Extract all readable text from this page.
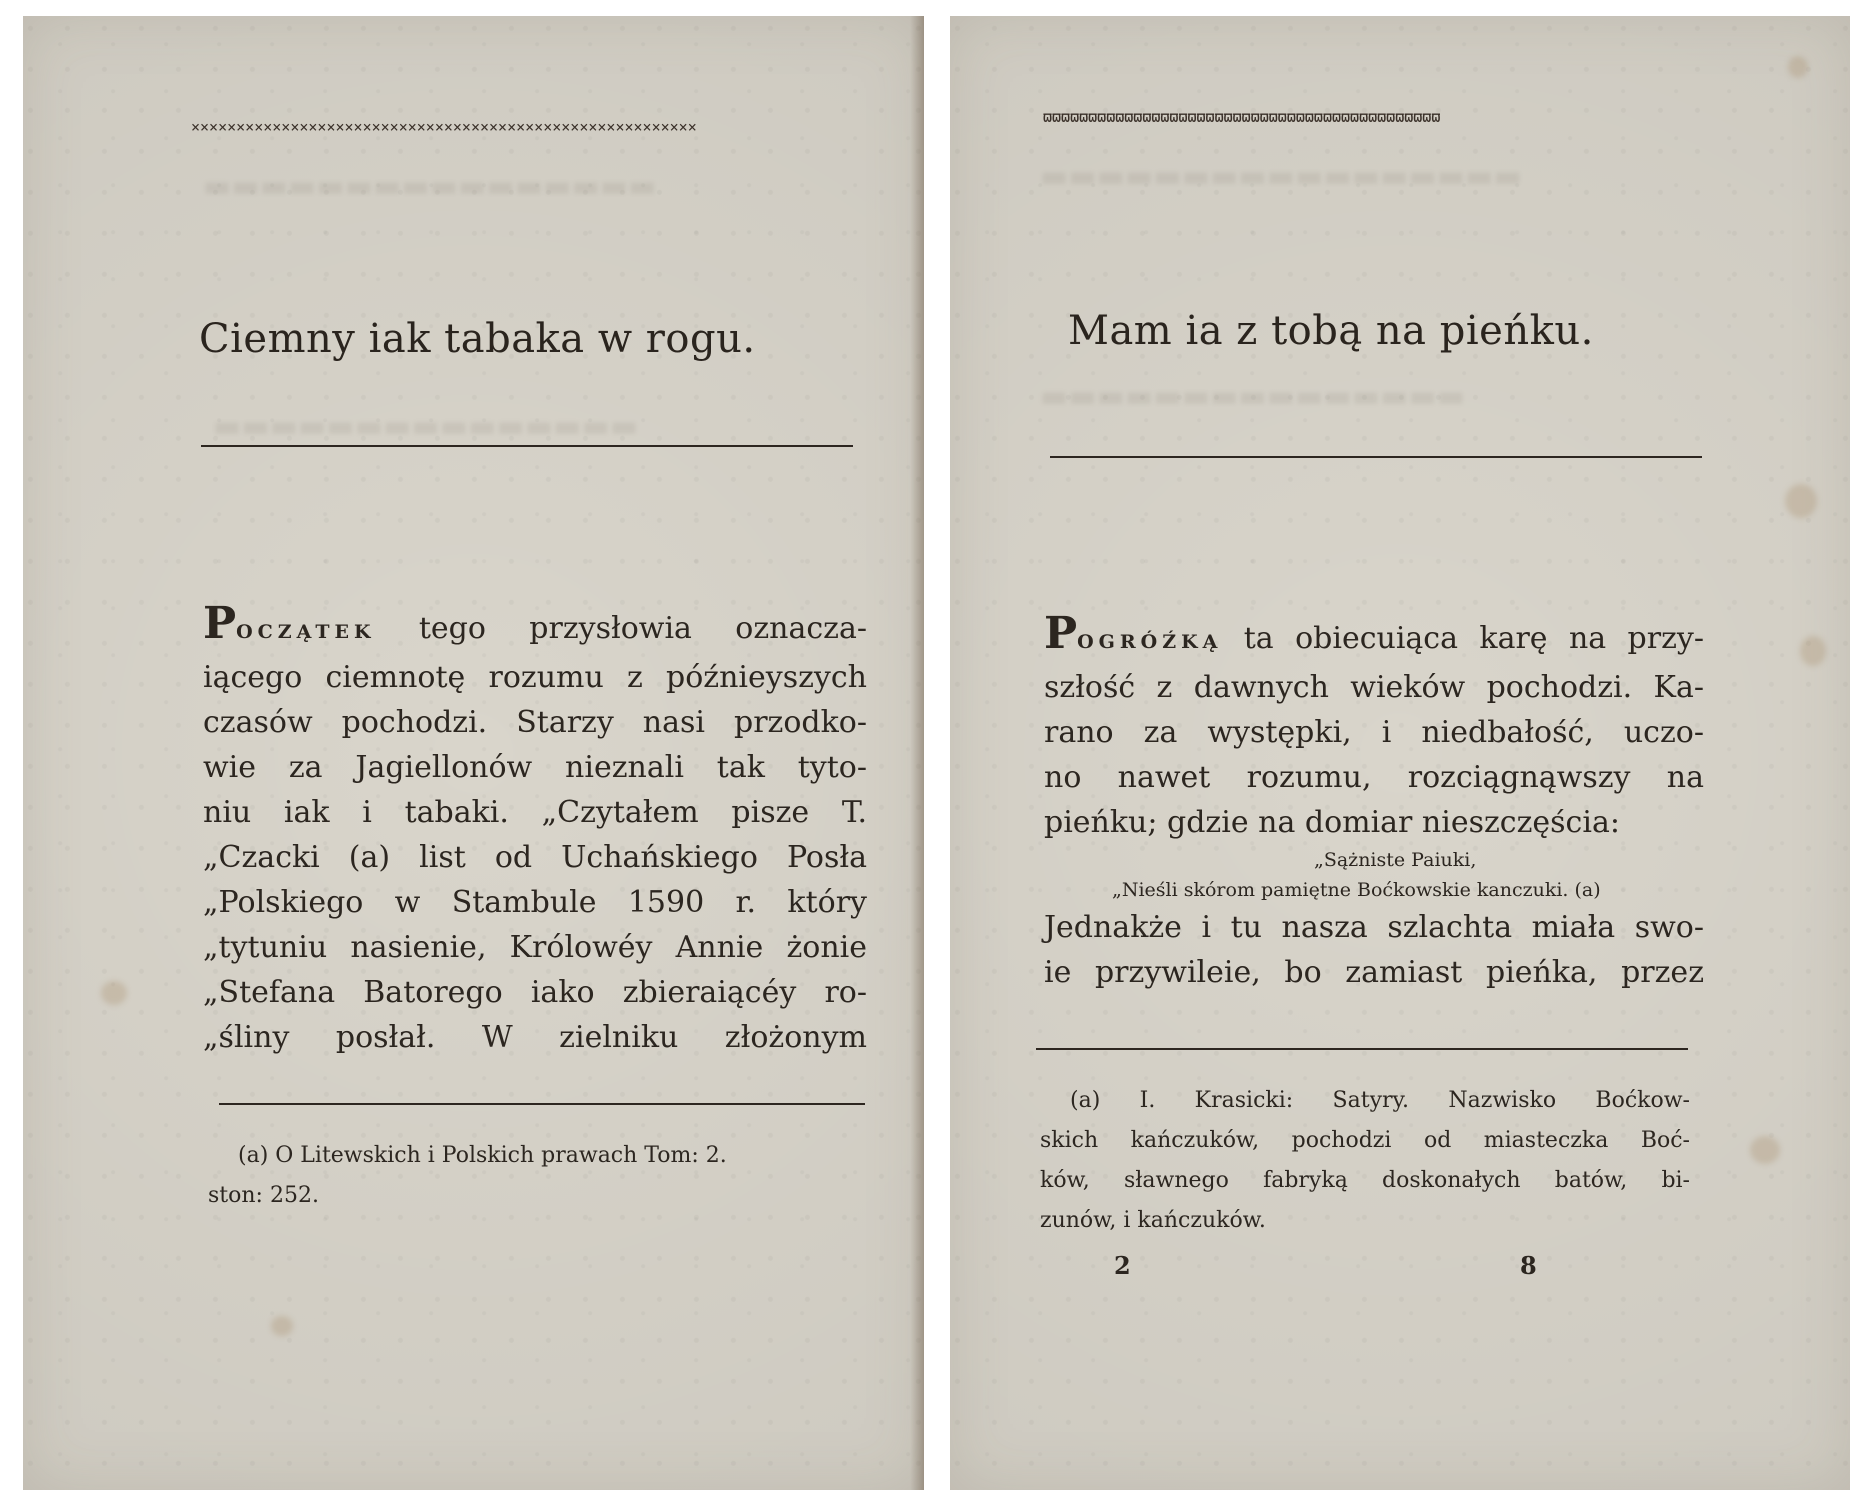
××××××××××××××××××××××××××××××××××××××××××××××××××××××××
▬▬▬▬▬▬▬▬▬▬▬▬▬▬▬▬
▬▬▬▬▬▬▬▬▬▬▬▬▬▬▬
Ciemny iak tabaka w rogu.
POCZĄTEK tego przysłowia oznacza-
iącego ciemnotę rozumu z późnieyszych
czasów pochodzi. Starzy nasi przodko-
wie za Jagiellonów nieznali tak tyto-
niu iak i tabaki. „Czytałem pisze T.
„Czacki (a) list od Uchańskiego Posła
„Polskiego w Stambule 1590 r. który
„tytuniu nasienie, Królowéy Annie żonie
„Stefana Batorego iako zbieraiącéy ro-
„śliny posłał. W zielniku złożonym
(a) O Litewskich i Polskich prawach Tom: 2.
ston: 252.
ϖϖϖϖϖϖϖϖϖϖϖϖϖϖϖϖϖϖϖϖϖϖϖϖϖϖϖϖϖϖϖϖϖϖϖϖϖϖϖϖϖϖϖϖ
▬▬▬▬▬▬▬▬▬▬▬▬▬▬▬▬▬
▬▬▬▬▬▬▬▬▬▬▬▬▬▬▬
Mam ia z tobą na pieńku.
POGRÓŹKĄ ta obiecuiąca karę na przy-
szłość z dawnych wieków pochodzi. Ka-
rano za występki, i niedbałość, uczo-
no nawet rozumu, rozciągnąwszy na
pieńku; gdzie na domiar nieszczęścia:
„Sążniste Paiuki,
„Nieśli skórom pamiętne Boćkowskie kanczuki. (a)
Jednakże i tu nasza szlachta miała swo-
ie przywileie, bo zamiast pieńka, przez
(a) I. Krasicki: Satyry. Nazwisko Boćkow-
skich kańczuków, pochodzi od miasteczka Boć-
ków, sławnego fabryką doskonałych batów, bi-
zunów, i kańczuków.
2	8
